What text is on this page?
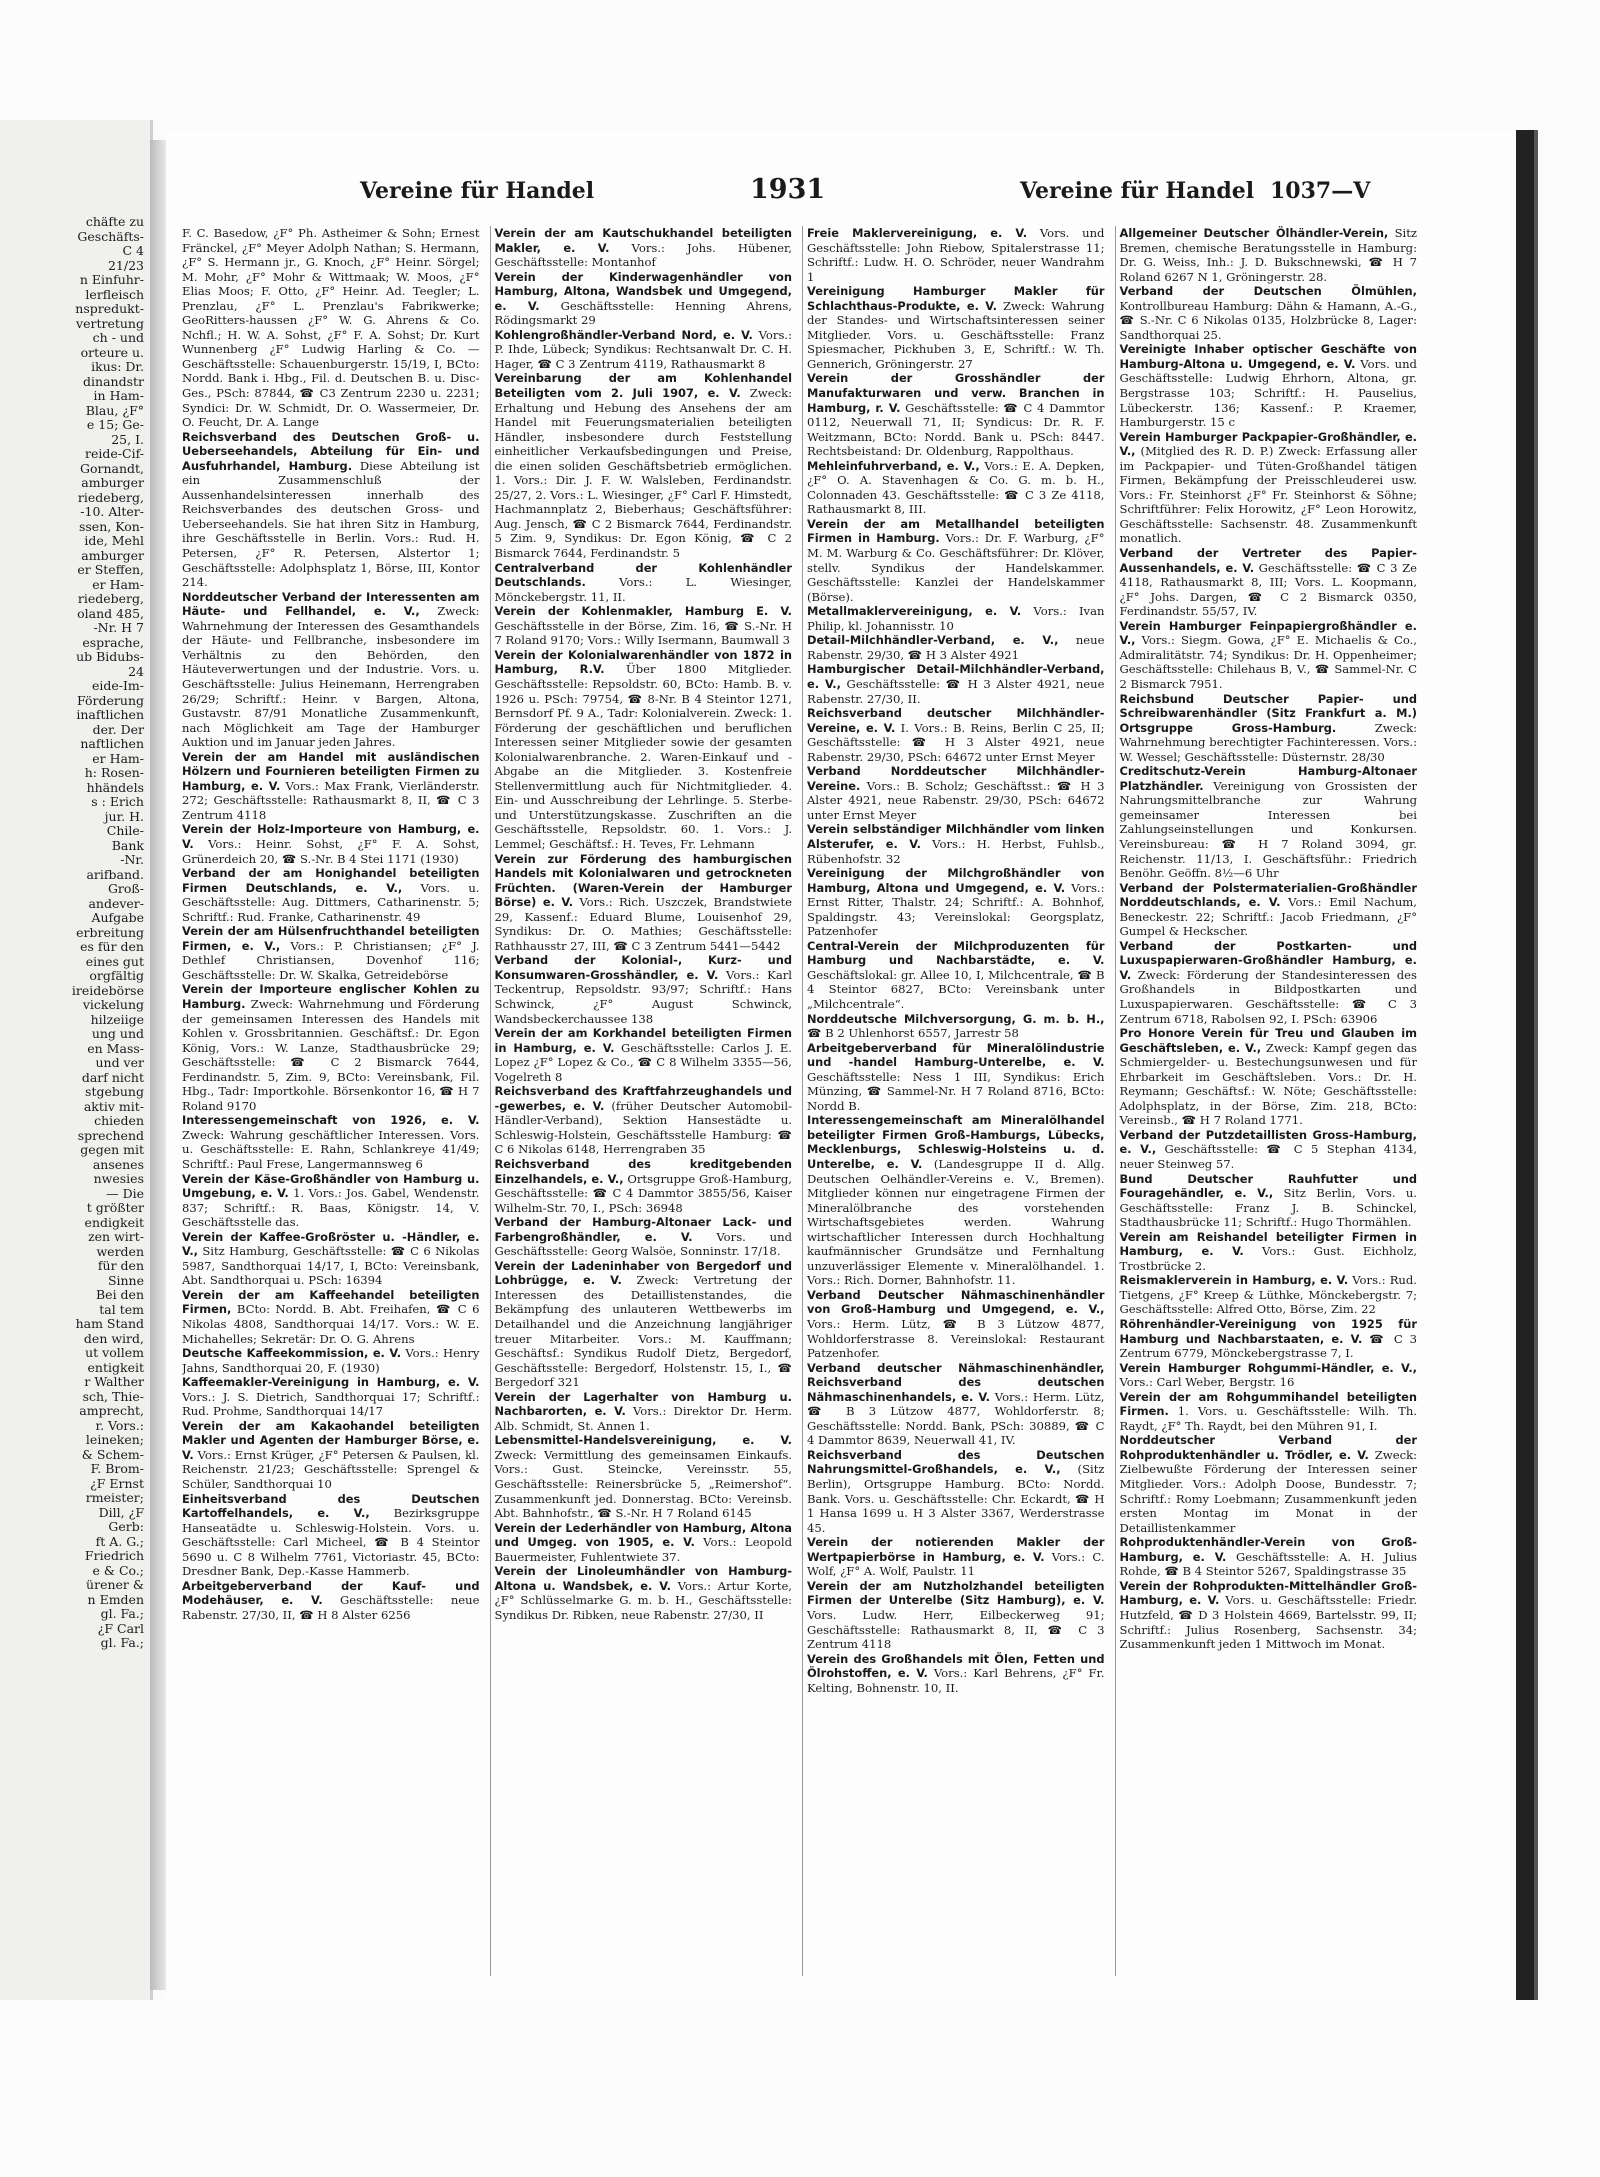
chäfte zu
Geschäfts-
C 4
21/23
n Einfuhr-
lerfleisch
nspredukt-
vertretung
ch - und
orteure u.
ikus: Dr.
dinandstr
in Ham-
Blau, ¿F°
e 15; Ge-
25, I.
reide-Cif-
Gornandt,
amburger
riedeberg,
-10. Alter-
ssen, Kon-
ide, Mehl
amburger
er Steffen,
er Ham-
riedeberg,
oland 485,
-Nr. H 7
esprache,
ub Bidubs-
24
eide-Im-
Förderung
inaftlichen
der. Der
naftlichen
er Ham-
h: Rosen-
hhändels
s : Erich
jur. H.
Chile-
Bank
-Nr.
arifband.
Groß-
andever-
Aufgabe
erbreitung
es für den
eines gut
orgfältig
ireidebörse
vickelung
hilzeiige
ung und
en Mass-
und ver
darf nicht
stgebung
aktiv mit-
chieden
sprechend
gegen mit
ansenes
nwesies
— Die
t größter
endigkeit
zen wirt-
werden
für den
Sinne
Bei den
tal tem
ham Stand
den wird,
ut vollem
entigkeit
r Walther
sch, Thie-
amprecht,
r. Vors.:
leineken;
& Schem-
F. Brom-
¿F Ernst
rmeister;
Dill, ¿F
Gerb:
ft A. G.;
Friedrich
e & Co.;
ürener &
n Emden
gl. Fa.;
¿F Carl
gl. Fa.;
Vereine für Handel	1931	Vereine für Handel 1037—V
F. C. Basedow, ¿F° Ph. Astheimer & Sohn; Ernest Fränckel, ¿F° Meyer Adolph Nathan; S. Hermann, ¿F° S. Hermann jr., G. Knoch, ¿F° Heinr. Sörgel; M. Mohr, ¿F° Mohr & Wittmaak; W. Moos, ¿F° Elias Moos; F. Otto, ¿F° Heinr. Ad. Teegler; L. Prenzlau, ¿F° L. Prenzlau's Fabrikwerke; GeoRitters-haussen ¿F° W. G. Ahrens & Co. Nchfl.; H. W. A. Sohst, ¿F° F. A. Sohst; Dr. Kurt Wunnenberg ¿F° Ludwig Harling & Co. — Geschäftsstelle: Schauenburgerstr. 15/19, I, BCto: Nordd. Bank i. Hbg., Fil. d. Deutschen B. u. Disc-Ges., PSch: 87844, ☎ C3 Zentrum 2230 u. 2231; Syndici: Dr. W. Schmidt, Dr. O. Wassermeier, Dr. O. Feucht, Dr. A. Lange
Reichsverband des Deutschen Groß- u. Ueberseehandels, Abteilung für Ein- und Ausfuhrhandel, Hamburg. Diese Abteilung ist ein Zusammenschluß der Aussenhandelsinteressen innerhalb des Reichsverbandes des deutschen Gross- und Ueberseehandels. Sie hat ihren Sitz in Hamburg, ihre Geschäftsstelle in Berlin. Vors.: Rud. H. Petersen, ¿F° R. Petersen, Alstertor 1; Geschäftsstelle: Adolphsplatz 1, Börse, III, Kontor 214.
Norddeutscher Verband der Interessenten am Häute- und Fellhandel, e. V., Zweck: Wahrnehmung der Interessen des Gesamthandels der Häute- und Fellbranche, insbesondere im Verhältnis zu den Behörden, den Häuteverwertungen und der Industrie. Vors. u. Geschäftsstelle: Julius Heinemann, Herrengraben 26/29; Schriftf.: Heinr. v Bargen, Altona, Gustavstr. 87/91 Monatliche Zusammenkunft, nach Möglichkeit am Tage der Hamburger Auktion und im Januar jeden Jahres.
Verein der am Handel mit ausländischen Hölzern und Fournieren beteiligten Firmen zu Hamburg, e. V. Vors.: Max Frank, Vierländerstr. 272; Geschäftsstelle: Rathausmarkt 8, II, ☎ C 3 Zentrum 4118
Verein der Holz-Importeure von Hamburg, e. V. Vors.: Heinr. Sohst, ¿F° F. A. Sohst, Grünerdeich 20, ☎ S.-Nr. B 4 Stei 1171 (1930)
Verband der am Honighandel beteiligten Firmen Deutschlands, e. V., Vors. u. Geschäftsstelle: Aug. Dittmers, Catharinenstr. 5; Schriftf.: Rud. Franke, Catharinenstr. 49
Verein der am Hülsenfruchthandel beteiligten Firmen, e. V., Vors.: P. Christiansen; ¿F° J. Dethlef Christiansen, Dovenhof 116; Geschäftsstelle: Dr. W. Skalka, Getreidebörse
Verein der Importeure englischer Kohlen zu Hamburg. Zweck: Wahrnehmung und Förderung der gemeinsamen Interessen des Handels mit Kohlen v. Grossbritannien. Geschäftsf.: Dr. Egon König, Vors.: W. Lanze, Stadthausbrücke 29; Geschäftsstelle: ☎ C 2 Bismarck 7644, Ferdinandstr. 5, Zim. 9, BCto: Vereinsbank, Fil. Hbg., Tadr: Importkohle. Börsenkontor 16, ☎ H 7 Roland 9170
Interessengemeinschaft von 1926, e. V. Zweck: Wahrung geschäftlicher Interessen. Vors. u. Geschäftsstelle: E. Rahn, Schlankreye 41/49; Schriftf.: Paul Frese, Langermannsweg 6
Verein der Käse-Großhändler von Hamburg u. Umgebung, e. V. 1. Vors.: Jos. Gabel, Wendenstr. 837; Schriftf.: R. Baas, Königstr. 14, V. Geschäftsstelle das.
Verein der Kaffee-Großröster u. -Händler, e. V., Sitz Hamburg, Geschäftsstelle: ☎ C 6 Nikolas 5987, Sandthorquai 14/17, I, BCto: Vereinsbank, Abt. Sandthorquai u. PSch: 16394
Verein der am Kaffeehandel beteiligten Firmen, BCto: Nordd. B. Abt. Freihafen, ☎ C 6 Nikolas 4808, Sandthorquai 14/17. Vors.: W. E. Michahelles; Sekretär: Dr. O. G. Ahrens
Deutsche Kaffeekommission, e. V. Vors.: Henry Jahns, Sandthorquai 20, F. (1930)
Kaffeemakler-Vereinigung in Hamburg, e. V. Vors.: J. S. Dietrich, Sandthorquai 17; Schriftf.: Rud. Prohme, Sandthorquai 14/17
Verein der am Kakaohandel beteiligten Makler und Agenten der Hamburger Börse, e. V. Vors.: Ernst Krüger, ¿F° Petersen & Paulsen, kl. Reichenstr. 21/23; Geschäftsstelle: Sprengel & Schüler, Sandthorquai 10
Einheitsverband des Deutschen Kartoffelhandels, e. V., Bezirksgruppe Hanseatädte u. Schleswig-Holstein. Vors. u. Geschäftsstelle: Carl Micheel, ☎ B 4 Steintor 5690 u. C 8 Wilhelm 7761, Victoriastr. 45, BCto: Dresdner Bank, Dep.-Kasse Hammerb.
Arbeitgeberverband der Kauf- und Modehäuser, e. V. Geschäftsstelle: neue Rabenstr. 27/30, II, ☎ H 8 Alster 6256
Verein der am Kautschukhandel beteiligten Makler, e. V. Vors.: Johs. Hübener, Geschäftsstelle: Montanhof
Verein der Kinderwagenhändler von Hamburg, Altona, Wandsbek und Umgegend, e. V. Geschäftsstelle: Henning Ahrens, Rödingsmarkt 29
Kohlengroßhändler-Verband Nord, e. V. Vors.: P. Ihde, Lübeck; Syndikus: Rechtsanwalt Dr. C. H. Hager, ☎ C 3 Zentrum 4119, Rathausmarkt 8
Vereinbarung der am Kohlenhandel Beteiligten vom 2. Juli 1907, e. V. Zweck: Erhaltung und Hebung des Ansehens der am Handel mit Feuerungsmaterialien beteiligten Händler, insbesondere durch Feststellung einheitlicher Verkaufsbedingungen und Preise, die einen soliden Geschäftsbetrieb ermöglichen. 1. Vors.: Dir. J. F. W. Walsleben, Ferdinandstr. 25/27, 2. Vors.: L. Wiesinger, ¿F° Carl F. Himstedt, Hachmannplatz 2, Bieberhaus; Geschäftsführer: Aug. Jensch, ☎ C 2 Bismarck 7644, Ferdinandstr. 5 Zim. 9, Syndikus: Dr. Egon König, ☎ C 2 Bismarck 7644, Ferdinandstr. 5
Centralverband der Kohlenhändler Deutschlands. Vors.: L. Wiesinger, Mönckebergstr. 11, II.
Verein der Kohlenmakler, Hamburg E. V. Geschäftsstelle in der Börse, Zim. 16, ☎ S.-Nr. H 7 Roland 9170; Vors.: Willy Isermann, Baumwall 3
Verein der Kolonialwarenhändler von 1872 in Hamburg, R.V. Über 1800 Mitglieder. Geschäftsstelle: Repsoldstr. 60, BCto: Hamb. B. v. 1926 u. PSch: 79754, ☎ 8-Nr. B 4 Steintor 1271, Bernsdorf Pf. 9 A., Tadr: Kolonialverein. Zweck: 1. Förderung der geschäftlichen und beruflichen Interessen seiner Mitglieder sowie der gesamten Kolonialwarenbranche. 2. Waren-Einkauf und -Abgabe an die Mitglieder. 3. Kostenfreie Stellenvermittlung auch für Nichtmitglieder. 4. Ein- und Ausschreibung der Lehrlinge. 5. Sterbe- und Unterstützungskasse. Zuschriften an die Geschäftsstelle, Repsoldstr. 60. 1. Vors.: J. Lemmel; Geschäftsf.: H. Teves, Fr. Lehmann
Verein zur Förderung des hamburgischen Handels mit Kolonialwaren und getrockneten Früchten. (Waren-Verein der Hamburger Börse) e. V. Vors.: Rich. Uszczek, Brandstwiete 29, Kassenf.: Eduard Blume, Louisenhof 29, Syndikus: Dr. O. Mathies; Geschäftsstelle: Rathhausstr 27, III, ☎ C 3 Zentrum 5441—5442
Verband der Kolonial-, Kurz- und Konsumwaren-Grosshändler, e. V. Vors.: Karl Teckentrup, Repsoldstr. 93/97; Schriftf.: Hans Schwinck, ¿F° August Schwinck, Wandsbeckerchaussee 138
Verein der am Korkhandel beteiligten Firmen in Hamburg, e. V. Geschäftsstelle: Carlos J. E. Lopez ¿F° Lopez & Co., ☎ C 8 Wilhelm 3355—56, Vogelreth 8
Reichsverband des Kraftfahrzeughandels und -gewerbes, e. V. (früher Deutscher Automobil-Händler-Verband), Sektion Hansestädte u. Schleswig-Holstein, Geschäftsstelle Hamburg: ☎ C 6 Nikolas 6148, Herrengraben 35
Reichsverband des kreditgebenden Einzelhandels, e. V., Ortsgruppe Groß-Hamburg, Geschäftsstelle: ☎ C 4 Dammtor 3855/56, Kaiser Wilhelm-Str. 70, I., PSch: 36948
Verband der Hamburg-Altonaer Lack- und Farbengroßhändler, e. V. Vors. und Geschäftsstelle: Georg Walsöe, Sonninstr. 17/18.
Verein der Ladeninhaber von Bergedorf und Lohbrügge, e. V. Zweck: Vertretung der Interessen des Detaillistenstandes, die Bekämpfung des unlauteren Wettbewerbs im Detailhandel und die Anzeichnung langjähriger treuer Mitarbeiter. Vors.: M. Kauffmann; Geschäftsf.: Syndikus Rudolf Dietz, Bergedorf, Geschäftsstelle: Bergedorf, Holstenstr. 15, I., ☎ Bergedorf 321
Verein der Lagerhalter von Hamburg u. Nachbarorten, e. V. Vors.: Direktor Dr. Herm. Alb. Schmidt, St. Annen 1.
Lebensmittel-Handelsvereinigung, e. V. Zweck: Vermittlung des gemeinsamen Einkaufs. Vors.: Gust. Steincke, Vereinsstr. 55, Geschäftsstelle: Reinersbrücke 5, „Reimershof“. Zusammenkunft jed. Donnerstag. BCto: Vereinsb. Abt. Bahnhofstr., ☎ S.-Nr. H 7 Roland 6145
Verein der Lederhändler von Hamburg, Altona und Umgeg. von 1905, e. V. Vors.: Leopold Bauermeister, Fuhlentwiete 37.
Verein der Linoleumhändler von Hamburg-Altona u. Wandsbek, e. V. Vors.: Artur Korte, ¿F° Schlüsselmarke G. m. b. H., Geschäftsstelle: Syndikus Dr. Ribken, neue Rabenstr. 27/30, II
Freie Maklervereinigung, e. V. Vors. und Geschäftsstelle: John Riebow, Spitalerstrasse 11; Schriftf.: Ludw. H. O. Schröder, neuer Wandrahm 1
Vereinigung Hamburger Makler für Schlachthaus-Produkte, e. V. Zweck: Wahrung der Standes- und Wirtschaftsinteressen seiner Mitglieder. Vors. u. Geschäftsstelle: Franz Spiesmacher, Pickhuben 3, E, Schriftf.: W. Th. Gennerich, Gröningerstr. 27
Verein der Grosshändler der Manufakturwaren und verw. Branchen in Hamburg, r. V. Geschäftsstelle: ☎ C 4 Dammtor 0112, Neuerwall 71, II; Syndicus: Dr. R. F. Weitzmann, BCto: Nordd. Bank u. PSch: 8447. Rechtsbeistand: Dr. Oldenburg, Rappolthaus.
Mehleinfuhrverband, e. V., Vors.: E. A. Depken, ¿F° O. A. Stavenhagen & Co. G. m. b. H., Colonnaden 43. Geschäftsstelle: ☎ C 3 Ze 4118, Rathausmarkt 8, III.
Verein der am Metallhandel beteiligten Firmen in Hamburg. Vors.: Dr. F. Warburg, ¿F° M. M. Warburg & Co. Geschäftsführer: Dr. Klöver, stellv. Syndikus der Handelskammer. Geschäftsstelle: Kanzlei der Handelskammer (Börse).
Metallmaklervereinigung, e. V. Vors.: Ivan Philip, kl. Johannisstr. 10
Detail-Milchhändler-Verband, e. V., neue Rabenstr. 29/30, ☎ H 3 Alster 4921
Hamburgischer Detail-Milchhändler-Verband, e. V., Geschäftsstelle: ☎ H 3 Alster 4921, neue Rabenstr. 27/30, II.
Reichsverband deutscher Milchhändler-Vereine, e. V. I. Vors.: B. Reins, Berlin C 25, II; Geschäftsstelle: ☎ H 3 Alster 4921, neue Rabenstr. 29/30, PSch: 64672 unter Ernst Meyer
Verband Norddeutscher Milchhändler-Vereine. Vors.: B. Scholz; Geschäftsst.: ☎ H 3 Alster 4921, neue Rabenstr. 29/30, PSch: 64672 unter Ernst Meyer
Verein selbständiger Milchhändler vom linken Alsterufer, e. V. Vors.: H. Herbst, Fuhlsb., Rübenhofstr. 32
Vereinigung der Milchgroßhändler von Hamburg, Altona und Umgegend, e. V. Vors.: Ernst Ritter, Thalstr. 24; Schriftf.: A. Bohnhof, Spaldingstr. 43; Vereinslokal: Georgsplatz, Patzenhofer
Central-Verein der Milchproduzenten für Hamburg und Nachbarstädte, e. V. Geschäftslokal: gr. Allee 10, I, Milchcentrale, ☎ B 4 Steintor 6827, BCto: Vereinsbank unter „Milchcentrale“.
Norddeutsche Milchversorgung, G. m. b. H., ☎ B 2 Uhlenhorst 6557, Jarrestr 58
Arbeitgeberverband für Mineralölindustrie und -handel Hamburg-Unterelbe, e. V. Geschäftsstelle: Ness 1 III, Syndikus: Erich Münzing, ☎ Sammel-Nr. H 7 Roland 8716, BCto: Nordd B.
Interessengemeinschaft am Mineralölhandel beteiligter Firmen Groß-Hamburgs, Lübecks, Mecklenburgs, Schleswig-Holsteins u. d. Unterelbe, e. V. (Landesgruppe II d. Allg. Deutschen Oelhändler-Vereins e. V., Bremen). Mitglieder können nur eingetragene Firmen der Mineralölbranche des vorstehenden Wirtschaftsgebietes werden. Wahrung wirtschaftlicher Interessen durch Hochhaltung kaufmännischer Grundsätze und Fernhaltung unzuverlässiger Elemente v. Mineralölhandel. 1. Vors.: Rich. Dorner, Bahnhofstr. 11.
Verband Deutscher Nähmaschinenhändler von Groß-Hamburg und Umgegend, e. V., Vors.: Herm. Lütz, ☎ B 3 Lützow 4877, Wohldorferstrasse 8. Vereinslokal: Restaurant Patzenhofer.
Verband deutscher Nähmaschinenhändler, Reichsverband des deutschen Nähmaschinenhandels, e. V. Vors.: Herm. Lütz, ☎ B 3 Lützow 4877, Wohldorferstr. 8; Geschäftsstelle: Nordd. Bank, PSch: 30889, ☎ C 4 Dammtor 8639, Neuerwall 41, IV.
Reichsverband des Deutschen Nahrungsmittel-Großhandels, e. V., (Sitz Berlin), Ortsgruppe Hamburg. BCto: Nordd. Bank. Vors. u. Geschäftsstelle: Chr. Eckardt, ☎ H 1 Hansa 1699 u. H 3 Alster 3367, Werderstrasse 45.
Verein der notierenden Makler der Wertpapierbörse in Hamburg, e. V. Vors.: C. Wolf, ¿F° A. Wolf, Paulstr. 11
Verein der am Nutzholzhandel beteiligten Firmen der Unterelbe (Sitz Hamburg), e. V. Vors. Ludw. Herr, Eilbeckerweg 91; Geschäftsstelle: Rathausmarkt 8, II, ☎ C 3 Zentrum 4118
Verein des Großhandels mit Ölen, Fetten und Ölrohstoffen, e. V. Vors.: Karl Behrens, ¿F° Fr. Kelting, Bohnenstr. 10, II.
Allgemeiner Deutscher Ölhändler-Verein, Sitz Bremen, chemische Beratungsstelle in Hamburg: Dr. G. Weiss, Inh.: J. D. Bukschnewski, ☎ H 7 Roland 6267 N 1, Gröningerstr. 28.
Verband der Deutschen Ölmühlen, Kontrollbureau Hamburg: Dähn & Hamann, A.-G., ☎ S.-Nr. C 6 Nikolas 0135, Holzbrücke 8, Lager: Sandthorquai 25.
Vereinigte Inhaber optischer Geschäfte von Hamburg-Altona u. Umgegend, e. V. Vors. und Geschäftsstelle: Ludwig Ehrhorn, Altona, gr. Bergstrasse 103; Schriftf.: H. Pauselius, Lübeckerstr. 136; Kassenf.: P. Kraemer, Hamburgerstr. 15 c
Verein Hamburger Packpapier-Großhändler, e. V., (Mitglied des R. D. P.) Zweck: Erfassung aller im Packpapier- und Tüten-Großhandel tätigen Firmen, Bekämpfung der Preisschleuderei usw. Vors.: Fr. Steinhorst ¿F° Fr. Steinhorst & Söhne; Schriftführer: Felix Horowitz, ¿F° Leon Horowitz, Geschäftsstelle: Sachsenstr. 48. Zusammenkunft monatlich.
Verband der Vertreter des Papier-Aussenhandels, e. V. Geschäftsstelle: ☎ C 3 Ze 4118, Rathausmarkt 8, III; Vors. L. Koopmann, ¿F° Johs. Dargen, ☎ C 2 Bismarck 0350, Ferdinandstr. 55/57, IV.
Verein Hamburger Feinpapiergroßhändler e. V., Vors.: Siegm. Gowa, ¿F° E. Michaelis & Co., Admiralitätstr. 74; Syndikus: Dr. H. Oppenheimer; Geschäftsstelle: Chilehaus B, V., ☎ Sammel-Nr. C 2 Bismarck 7951.
Reichsbund Deutscher Papier- und Schreibwarenhändler (Sitz Frankfurt a. M.) Ortsgruppe Gross-Hamburg. Zweck: Wahrnehmung berechtigter Fachinteressen. Vors.: W. Wessel; Geschäftsstelle: Düsternstr. 28/30
Creditschutz-Verein Hamburg-Altonaer Platzhändler. Vereinigung von Grossisten der Nahrungsmittelbranche zur Wahrung gemeinsamer Interessen bei Zahlungseinstellungen und Konkursen. Vereinsbureau: ☎ H 7 Roland 3094, gr. Reichenstr. 11/13, I. Geschäftsführ.: Friedrich Benöhr. Geöffn. 8½—6 Uhr
Verband der Polstermaterialien-Großhändler Norddeutschlands, e. V. Vors.: Emil Nachum, Beneckestr. 22; Schriftf.: Jacob Friedmann, ¿F° Gumpel & Heckscher.
Verband der Postkarten- und Luxuspapierwaren-Großhändler Hamburg, e. V. Zweck: Förderung der Standesinteressen des Großhandels in Bildpostkarten und Luxuspapierwaren. Geschäftsstelle: ☎ C 3 Zentrum 6718, Rabolsen 92, I. PSch: 63906
Pro Honore Verein für Treu und Glauben im Geschäftsleben, e. V., Zweck: Kampf gegen das Schmiergelder- u. Bestechungsunwesen und für Ehrbarkeit im Geschäftsleben. Vors.: Dr. H. Reymann; Geschäftsf.: W. Nöte; Geschäftsstelle: Adolphsplatz, in der Börse, Zim. 218, BCto: Vereinsb., ☎ H 7 Roland 1771.
Verband der Putzdetaillisten Gross-Hamburg, e. V., Geschäftsstelle: ☎ C 5 Stephan 4134, neuer Steinweg 57.
Bund Deutscher Rauhfutter und Fouragehändler, e. V., Sitz Berlin, Vors. u. Geschäftsstelle: Franz J. B. Schinckel, Stadthausbrücke 11; Schriftf.: Hugo Thormählen.
Verein am Reishandel beteiligter Firmen in Hamburg, e. V. Vors.: Gust. Eichholz, Trostbrücke 2.
Reismaklerverein in Hamburg, e. V. Vors.: Rud. Tietgens, ¿F° Kreep & Lüthke, Mönckebergstr. 7; Geschäftsstelle: Alfred Otto, Börse, Zim. 22
Röhrenhändler-Vereinigung von 1925 für Hamburg und Nachbarstaaten, e. V. ☎ C 3 Zentrum 6779, Mönckebergstrasse 7, I.
Verein Hamburger Rohgummi-Händler, e. V., Vors.: Carl Weber, Bergstr. 16
Verein der am Rohgummihandel beteiligten Firmen. 1. Vors. u. Geschäftsstelle: Wilh. Th. Raydt, ¿F° Th. Raydt, bei den Mühren 91, I.
Norddeutscher Verband der Rohproduktenhändler u. Trödler, e. V. Zweck: Zielbewußte Förderung der Interessen seiner Mitglieder. Vors.: Adolph Doose, Bundesstr. 7; Schriftf.: Romy Loebmann; Zusammenkunft jeden ersten Montag im Monat in der Detaillistenkammer
Rohproduktenhändler-Verein von Groß-Hamburg, e. V. Geschäftsstelle: A. H. Julius Rohde, ☎ B 4 Steintor 5267, Spaldingstrasse 35
Verein der Rohprodukten-Mittelhändler Groß-Hamburg, e. V. Vors. u. Geschäftsstelle: Friedr. Hutzfeld, ☎ D 3 Holstein 4669, Bartelsstr. 99, II; Schriftf.: Julius Rosenberg, Sachsenstr. 34; Zusammenkunft jeden 1 Mittwoch im Monat.
